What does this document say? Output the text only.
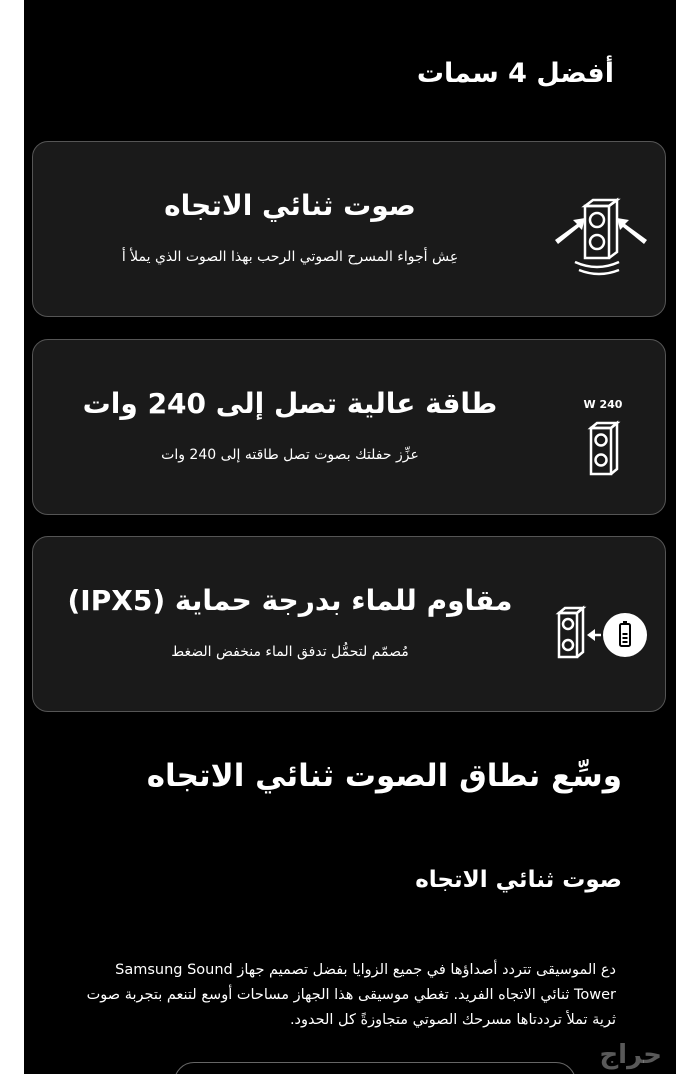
أفضل 4 سمات
صوت ثنائي الاتجاه

عِش أجواء المسرح الصوتي الرحب بهذا الصوت الذي يملأ أ

240 W
طاقة عالية تصل إلى 240 وات

عزِّز حفلتك بصوت تصل طاقته إلى 240 وات

مقاوم للماء بدرجة حماية (IPX5)

مُصمّم لتحمُّل تدفق الماء منخفض الضغط

وسِّع نطاق الصوت ثنائي الاتجاه
صوت ثنائي الاتجاه

دع الموسيقى تتردد أصداؤها في جميع الزوايا بفضل تصميم جهاز Samsung Sound Tower ثنائي الاتجاه الفريد. تغطي موسيقى هذا الجهاز مساحات أوسع لتنعم بتجربة صوت ثرية تملأ ترددتاها مسرحك الصوتي متجاوزةً كل الحدود.

حراج
